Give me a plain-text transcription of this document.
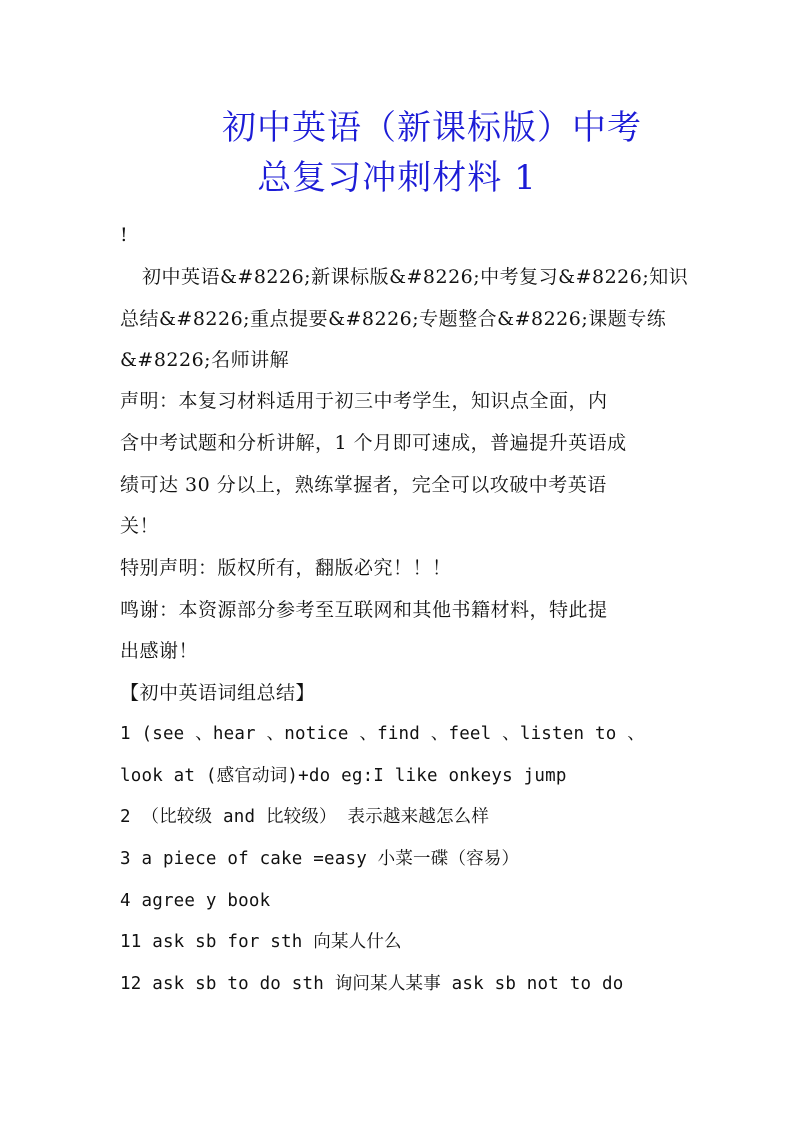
初中英语（新课标版）中考
总复习冲刺材料 1
!
初中英语&#8226;新课标版&#8226;中考复习&#8226;知识
总结&#8226;重点提要&#8226;专题整合&#8226;课题专练
&#8226;名师讲解
声明：本复习材料适用于初三中考学生，知识点全面，内
含中考试题和分析讲解，1 个月即可速成，普遍提升英语成
绩可达 30 分以上，熟练掌握者，完全可以攻破中考英语
关！
特别声明：版权所有，翻版必究！！！
鸣谢：本资源部分参考至互联网和其他书籍材料，特此提
出感谢！
【初中英语词组总结】
1 (see 、hear 、notice 、find 、feel 、listen to 、
look at (感官动词)+do eg:I like onkeys jump
2 （比较级 and 比较级） 表示越来越怎么样
3 a piece of cake =easy 小菜一碟（容易）
4 agree y book
11 ask sb for sth 向某人什么
12 ask sb to do sth 询问某人某事 ask sb not to do
